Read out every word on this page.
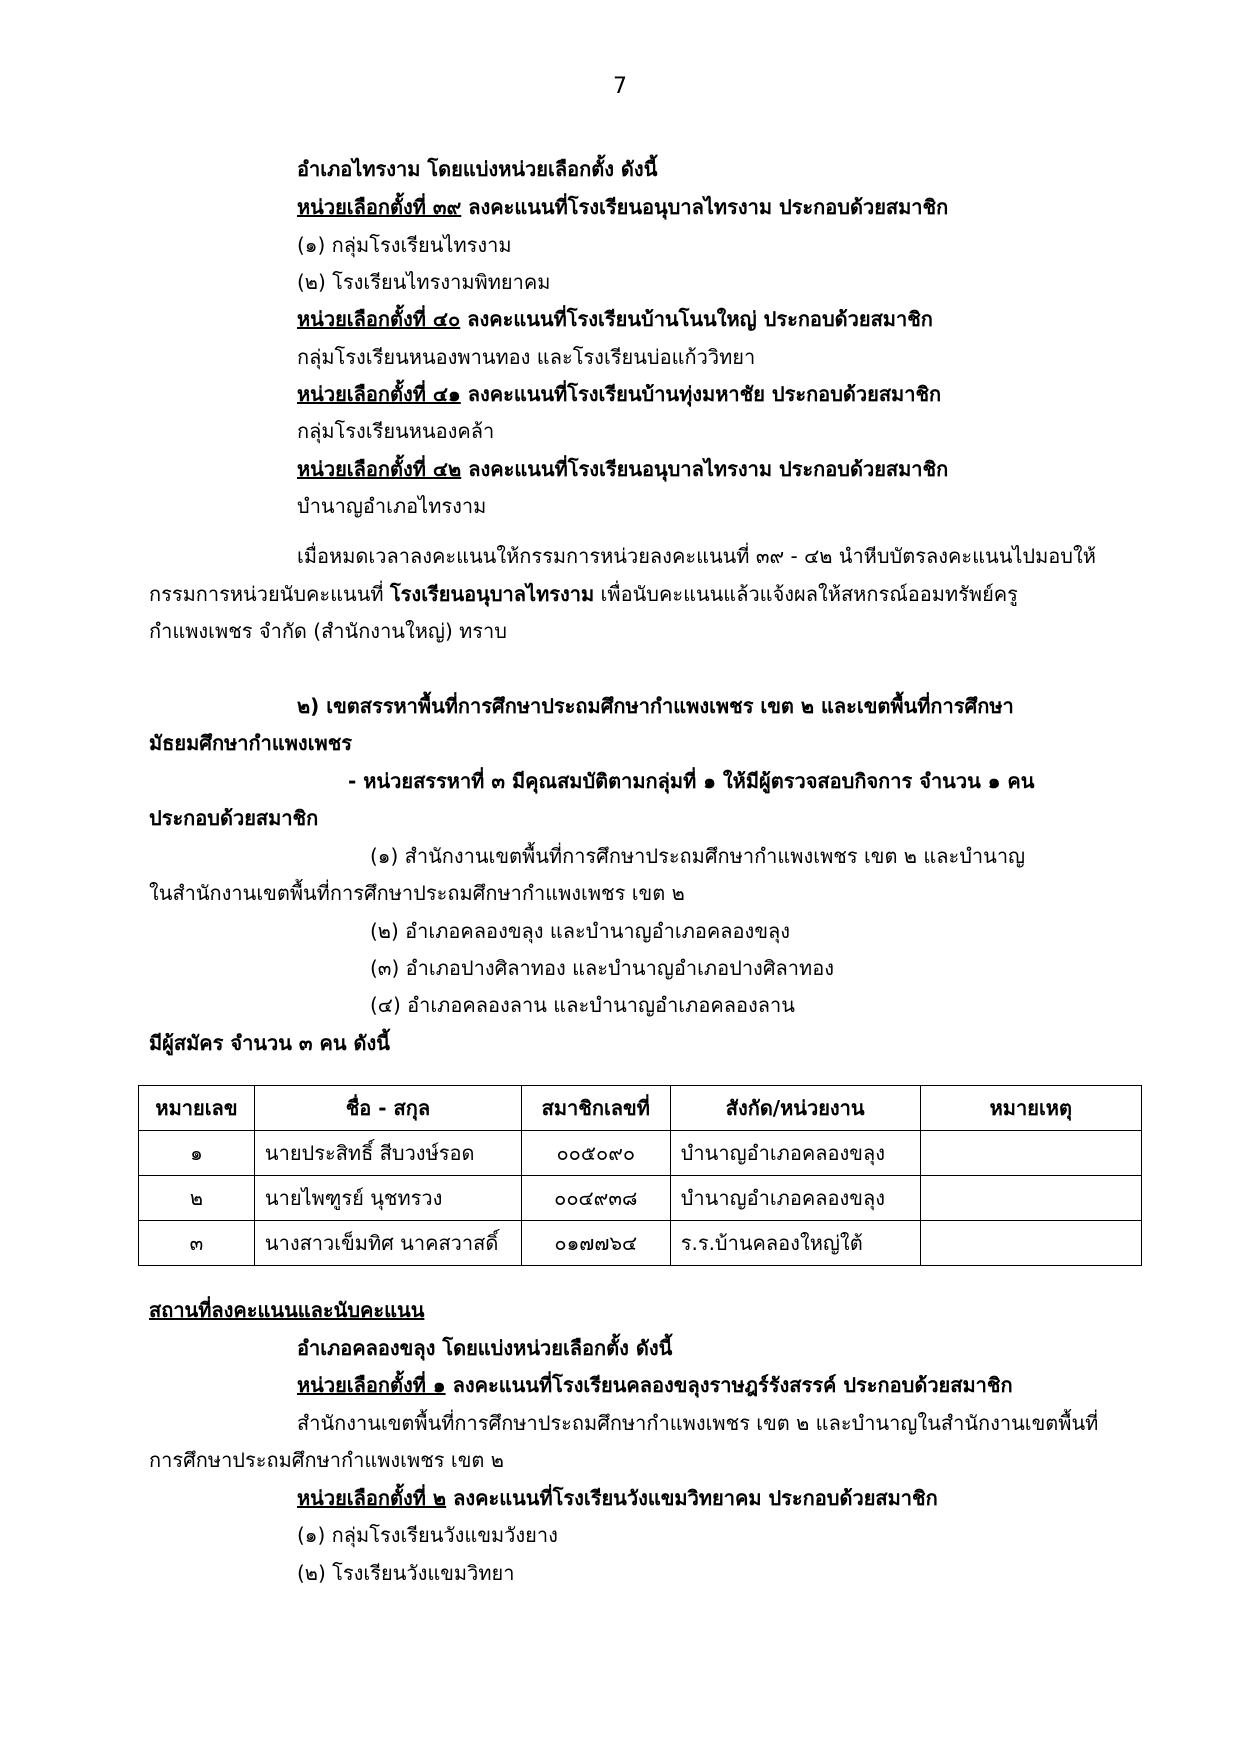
7
อำเภอไทรงาม โดยแบ่งหน่วยเลือกตั้ง ดังนี้
หน่วยเลือกตั้งที่ ๓๙ ลงคะแนนที่โรงเรียนอนุบาลไทรงาม ประกอบด้วยสมาชิก
(๑) กลุ่มโรงเรียนไทรงาม
(๒) โรงเรียนไทรงามพิทยาคม
หน่วยเลือกตั้งที่ ๔๐ ลงคะแนนที่โรงเรียนบ้านโนนใหญ่ ประกอบด้วยสมาชิก
กลุ่มโรงเรียนหนองพานทอง และโรงเรียนบ่อแก้ววิทยา
หน่วยเลือกตั้งที่ ๔๑ ลงคะแนนที่โรงเรียนบ้านทุ่งมหาชัย ประกอบด้วยสมาชิก
กลุ่มโรงเรียนหนองคล้า
หน่วยเลือกตั้งที่ ๔๒ ลงคะแนนที่โรงเรียนอนุบาลไทรงาม ประกอบด้วยสมาชิก
บำนาญอำเภอไทรงาม
เมื่อหมดเวลาลงคะแนนให้กรรมการหน่วยลงคะแนนที่ ๓๙ - ๔๒ นำหีบบัตรลงคะแนนไปมอบให้
กรรมการหน่วยนับคะแนนที่ โรงเรียนอนุบาลไทรงาม เพื่อนับคะแนนแล้วแจ้งผลให้สหกรณ์ออมทรัพย์ครู
กำแพงเพชร จำกัด (สำนักงานใหญ่) ทราบ
๒) เขตสรรหาพื้นที่การศึกษาประถมศึกษากำแพงเพชร เขต ๒ และเขตพื้นที่การศึกษา
มัธยมศึกษากำแพงเพชร
- หน่วยสรรหาที่ ๓ มีคุณสมบัติตามกลุ่มที่ ๑ ให้มีผู้ตรวจสอบกิจการ จำนวน ๑ คน
ประกอบด้วยสมาชิก
(๑) สำนักงานเขตพื้นที่การศึกษาประถมศึกษากำแพงเพชร เขต ๒ และบำนาญ
ในสำนักงานเขตพื้นที่การศึกษาประถมศึกษากำแพงเพชร เขต ๒
(๒) อำเภอคลองขลุง และบำนาญอำเภอคลองขลุง
(๓) อำเภอปางศิลาทอง และบำนาญอำเภอปางศิลาทอง
(๔) อำเภอคลองลาน และบำนาญอำเภอคลองลาน
มีผู้สมัคร จำนวน ๓ คน ดังนี้
หมายเลข	ชื่อ - สกุล	สมาชิกเลขที่	สังกัด/หน่วยงาน	หมายเหตุ
๑	นายประสิทธิ์ สีบวงษ์รอด	๐๐๕๐๙๐	บำนาญอำเภอคลองขลุง	
๒	นายไพฑูรย์ นุชทรวง	๐๐๔๙๓๘	บำนาญอำเภอคลองขลุง	
๓	นางสาวเข็มทิศ นาคสวาสดิ์	๐๑๗๗๖๔	ร.ร.บ้านคลองใหญ่ใต้	
สถานที่ลงคะแนนและนับคะแนน
อำเภอคลองขลุง โดยแบ่งหน่วยเลือกตั้ง ดังนี้
หน่วยเลือกตั้งที่ ๑ ลงคะแนนที่โรงเรียนคลองขลุงราษฎร์รังสรรค์ ประกอบด้วยสมาชิก
สำนักงานเขตพื้นที่การศึกษาประถมศึกษากำแพงเพชร เขต ๒ และบำนาญในสำนักงานเขตพื้นที่
การศึกษาประถมศึกษากำแพงเพชร เขต ๒
หน่วยเลือกตั้งที่ ๒ ลงคะแนนที่โรงเรียนวังแขมวิทยาคม ประกอบด้วยสมาชิก
(๑) กลุ่มโรงเรียนวังแขมวังยาง
(๒) โรงเรียนวังแขมวิทยา
